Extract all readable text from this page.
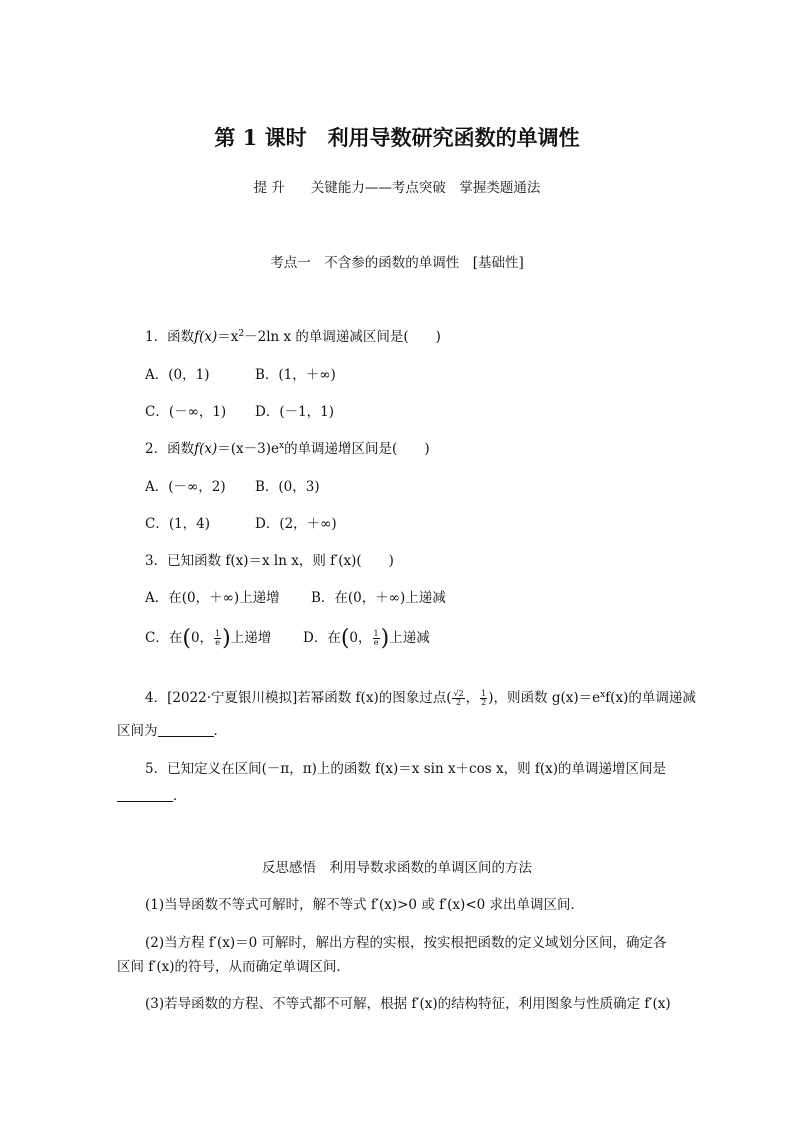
第 1 课时　利用导数研究函数的单调性
提 升 关键能力——考点突破　掌握类题通法
考点一　不含参的函数的单调性　[基础性]
1．函数$f(x)=x^2-2\ln$ x 的单调递减区间是(　　)
A．(0，1)	B．(1，＋∞)
C．(－∞，1) D．(－1，1)
2．函数$f(x)=(x-3)e^x$的单调递增区间是(　　)
A．(－∞，2) B．(0，3)
C．(1，4)	D．(2，＋∞)
3．已知函数 f(x)＝x ln x，则 f′(x)(　　)
A．在(0，＋∞)上递增 B．在(0，＋∞)上递减
C．在(0， $\frac{1}{e}$ )上递增 D．在(0， $\frac{1}{e}$ )上递减
4．[2022·宁夏银川模拟]若幂函数 f(x)的图象过点( $\frac{√2}{2}$ ， $\frac{1}{2}$ )，则函数 $g(x)=e^xf(x)$的单调递减
区间为	．
5．已知定义在区间(－π，π)上的函数 f(x)＝x sin x＋cos x，则 f(x)的单调递增区间是
．
反思感悟　利用导数求函数的单调区间的方法
(1)当导函数不等式可解时，解不等式 f′(x)>0 或 f′(x)<0 求出单调区间．
(2)当方程 f′(x)＝0 可解时，解出方程的实根，按实根把函数的定义域划分区间，确定各
区间 f′(x)的符号，从而确定单调区间．
(3)若导函数的方程、不等式都不可解，根据 f′(x)的结构特征，利用图象与性质确定 f′(x)
